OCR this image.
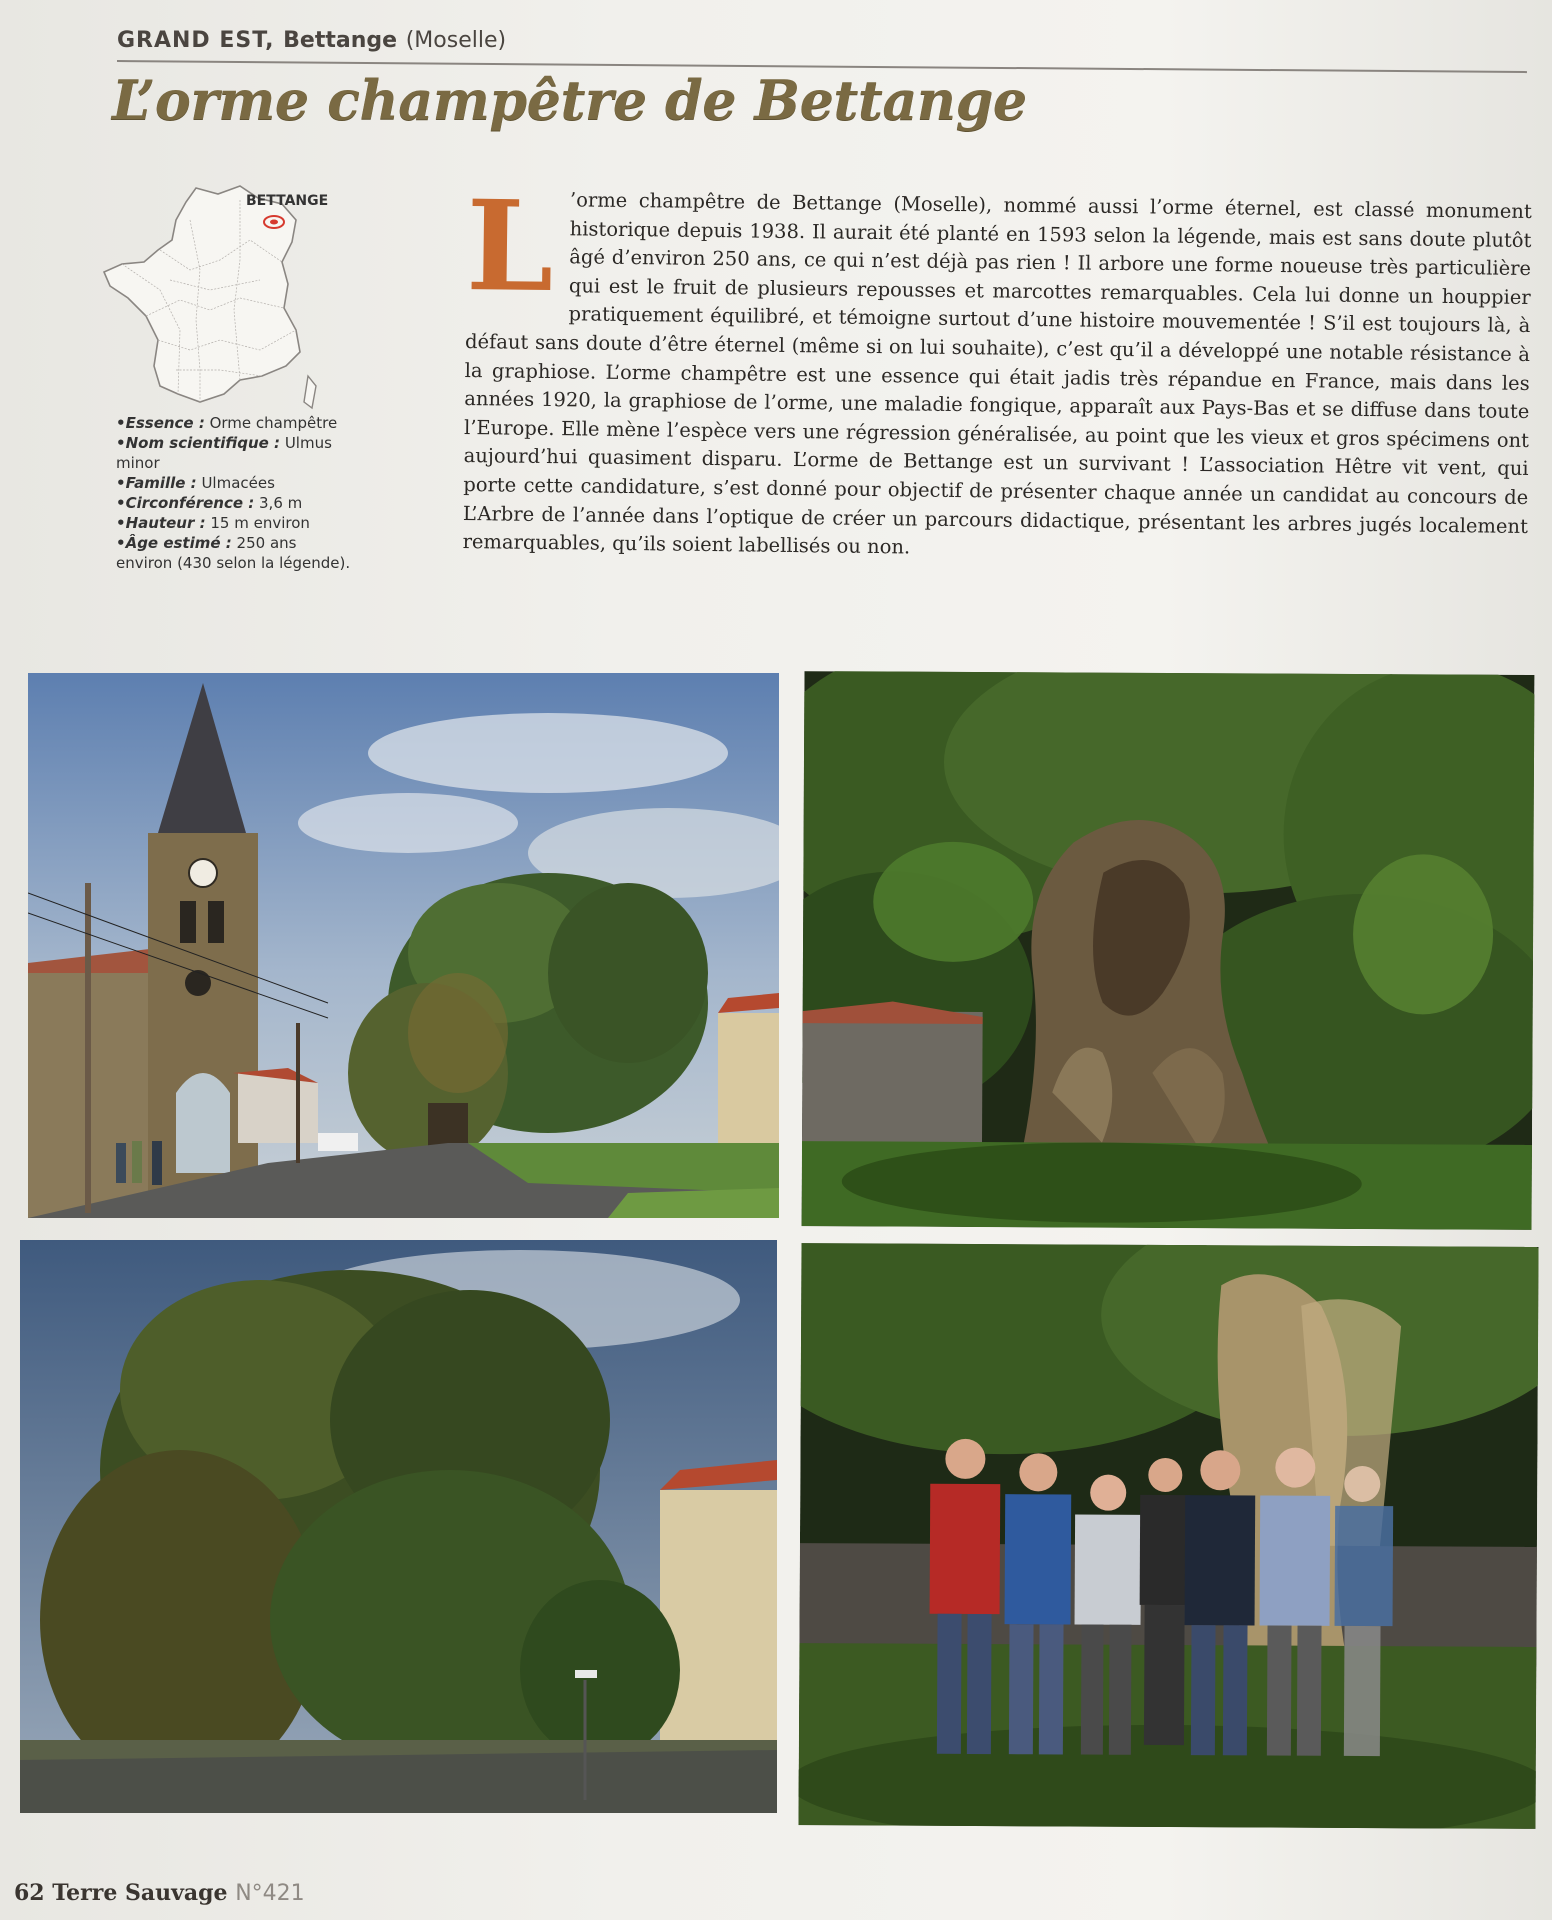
GRAND EST, Bettange (Moselle)
L’orme champêtre de Bettange
BETTANGE

•Essence : Orme champêtre

•Nom scientifique : Ulmus minor

•Famille : Ulmacées

•Circonférence : 3,6 m

•Hauteur : 15 m environ

•Âge estimé : 250 ans environ (430 selon la légende).

L ’orme champêtre de Bettange (Moselle), nommé aussi l’orme éternel, est classé monument historique depuis 1938. Il aurait été planté en 1593 selon la légende, mais est sans doute plutôt âgé d’environ 250 ans, ce qui n’est déjà pas rien ! Il arbore une forme noueuse très particulière qui est le fruit de plusieurs repousses et marcottes remarquables. Cela lui donne un houppier pratiquement équilibré, et témoigne surtout d’une histoire mouvementée ! S’il est toujours là, à défaut sans doute d’être éternel (même si on lui souhaite), c’est qu’il a développé une notable résistance à la graphiose. L’orme champêtre est une essence qui était jadis très répandue en France, mais dans les années 1920, la graphiose de l’orme, une maladie fongique, apparaît aux Pays-Bas et se diffuse dans toute l’Europe. Elle mène l’espèce vers une régression généralisée, au point que les vieux et gros spécimens ont aujourd’hui quasiment disparu. L’orme de Bettange est un survivant ! L’association Hêtre vit vent, qui porte cette candidature, s’est donné pour objectif de présenter chaque année un candidat au concours de L’Arbre de l’année dans l’optique de créer un parcours didactique, présentant les arbres jugés localement remarquables, qu’ils soient labellisés ou non.
62 Terre Sauvage N°421
